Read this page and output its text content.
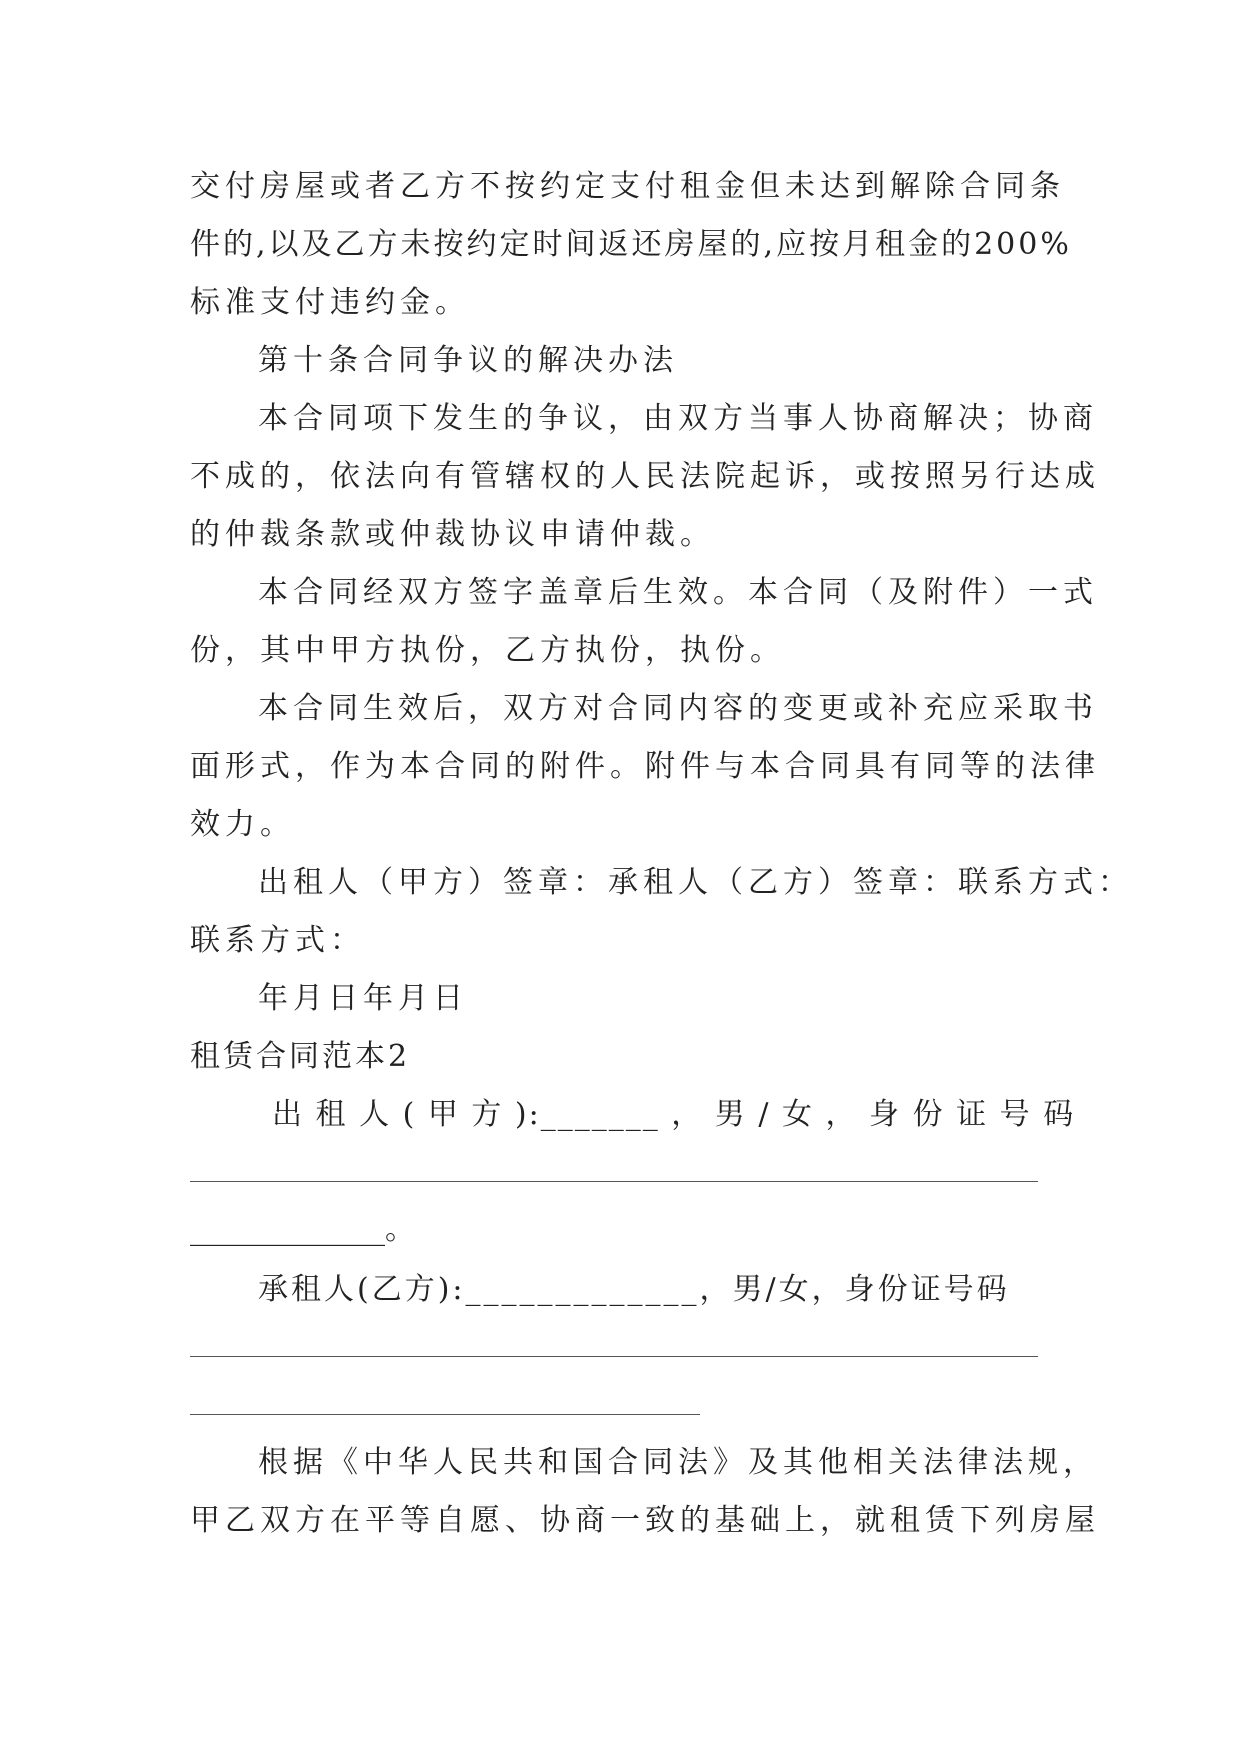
交付房屋或者乙方不按约定支付租金但未达到解除合同条
件的,以及乙方未按约定时间返还房屋的,应按月租金的200%
标准支付违约金。
第十条合同争议的解决办法
本合同项下发生的争议，由双方当事人协商解决；协商
不成的，依法向有管辖权的人民法院起诉，或按照另行达成
的仲裁条款或仲裁协议申请仲裁。
本合同经双方签字盖章后生效。本合同（及附件）一式
份，其中甲方执份，乙方执份，执份。
本合同生效后，双方对合同内容的变更或补充应采取书
面形式，作为本合同的附件。附件与本合同具有同等的法律
效力。
出租人（甲方）签章：承租人（乙方）签章：联系方式：
联系方式：
年月日年月日
租赁合同范本2
出 租 人 ( 甲 方 ):_______ ， 男 / 女 ， 身 份 证 号 码
_____________。
承租人(乙方):_____________，男/女，身份证号码
根据《中华人民共和国合同法》及其他相关法律法规，
甲乙双方在平等自愿、协商一致的基础上，就租赁下列房屋
